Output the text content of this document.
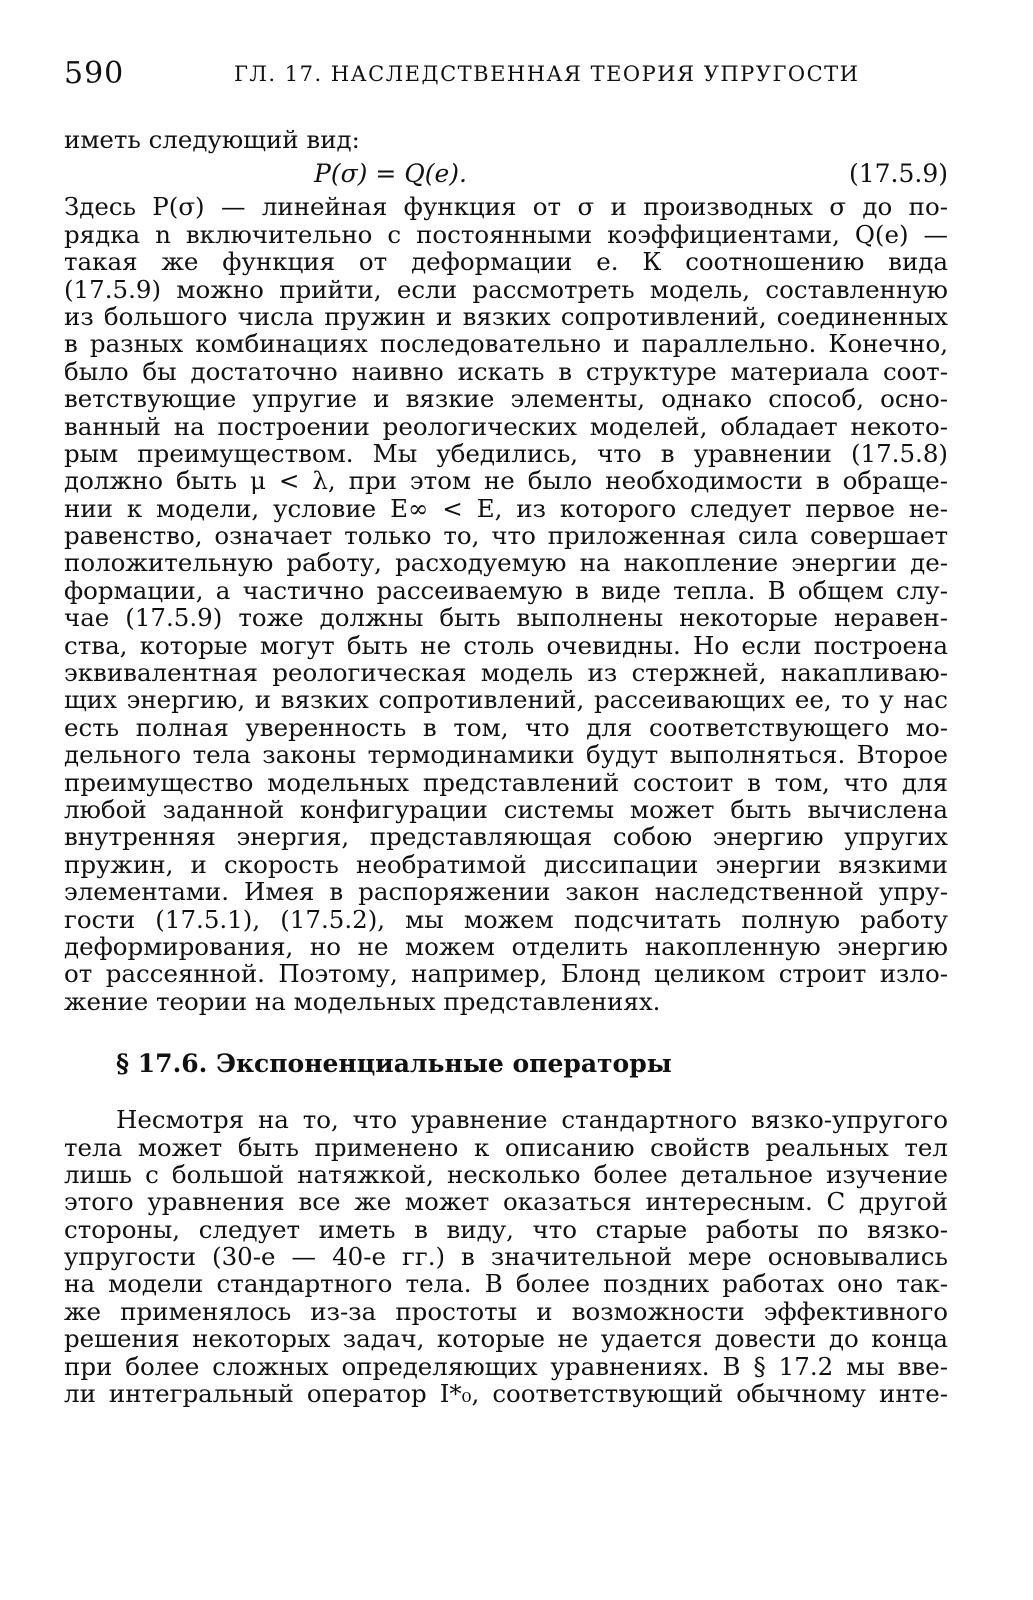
590	ГЛ. 17. НАСЛЕДСТВЕННАЯ ТЕОРИЯ УПРУГОСТИ
иметь следующий вид:
P(σ) = Q(e).	(17.5.9)
Здесь P(σ) — линейная функция от σ и производных σ до по-
рядка n включительно с постоянными коэффициентами, Q(e) —
такая же функция от деформации e. К соотношению вида
(17.5.9) можно прийти, если рассмотреть модель, составленную
из большого числа пружин и вязких сопротивлений, соединенных
в разных комбинациях последовательно и параллельно. Конечно,
было бы достаточно наивно искать в структуре материала соот-
ветствующие упругие и вязкие элементы, однако способ, осно-
ванный на построении реологических моделей, обладает некото-
рым преимуществом. Мы убедились, что в уравнении (17.5.8)
должно быть μ < λ, при этом не было необходимости в обраще-
нии к модели, условие E∞ < E, из которого следует первое не-
равенство, означает только то, что приложенная сила совершает
положительную работу, расходуемую на накопление энергии де-
формации, а частично рассеиваемую в виде тепла. В общем слу-
чае (17.5.9) тоже должны быть выполнены некоторые неравен-
ства, которые могут быть не столь очевидны. Но если построена
эквивалентная реологическая модель из стержней, накапливаю-
щих энергию, и вязких сопротивлений, рассеивающих ее, то у нас
есть полная уверенность в том, что для соответствующего мо-
дельного тела законы термодинамики будут выполняться. Второе
преимущество модельных представлений состоит в том, что для
любой заданной конфигурации системы может быть вычислена
внутренняя энергия, представляющая собою энергию упругих
пружин, и скорость необратимой диссипации энергии вязкими
элементами. Имея в распоряжении закон наследственной упру-
гости (17.5.1), (17.5.2), мы можем подсчитать полную работу
деформирования, но не можем отделить накопленную энергию
от рассеянной. Поэтому, например, Блонд целиком строит изло-
жение теории на модельных представлениях.
§ 17.6. Экспоненциальные операторы
Несмотря на то, что уравнение стандартного вязко-упругого
тела может быть применено к описанию свойств реальных тел
лишь с большой натяжкой, несколько более детальное изучение
этого уравнения все же может оказаться интересным. С другой
стороны, следует иметь в виду, что старые работы по вязко-
упругости (30-е — 40-е гг.) в значительной мере основывались
на модели стандартного тела. В более поздних работах оно так-
же применялось из-за простоты и возможности эффективного
решения некоторых задач, которые не удается довести до конца
при более сложных определяющих уравнениях. В § 17.2 мы вве-
ли интегральный оператор I*₀, соответствующий обычному инте-
